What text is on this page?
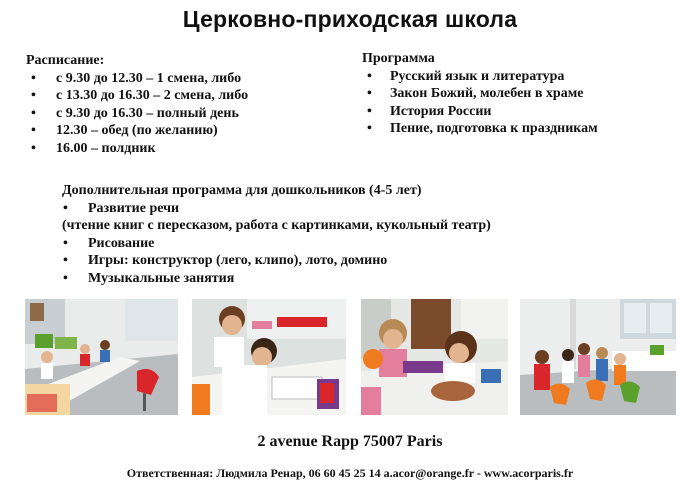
Церковно-приходская школа
Расписание:
• с 9.30 до 12.30 – 1 смена, либо
• с 13.30 до 16.30 – 2 смена, либо
• с 9.30 до 16.30 – полный день
• 12.30 – обед (по желанию)
• 16.00 – полдник
Программа
• Русский язык и литература
• Закон Божий, молебен в храме
• История России
• Пение, подготовка к праздникам
Дополнительная программа для дошкольников (4-5 лет)
• Развитие речи
(чтение книг с пересказом, работа с картинками, кукольный театр)
• Рисование
• Игры: конструктор (лего, клипо), лото, домино
• Музыкальные занятия
2 avenue Rapp 75007 Paris
Ответственная: Людмила Ренар, 06 60 45 25 14 a.acor@orange.fr - www.acorparis.fr
